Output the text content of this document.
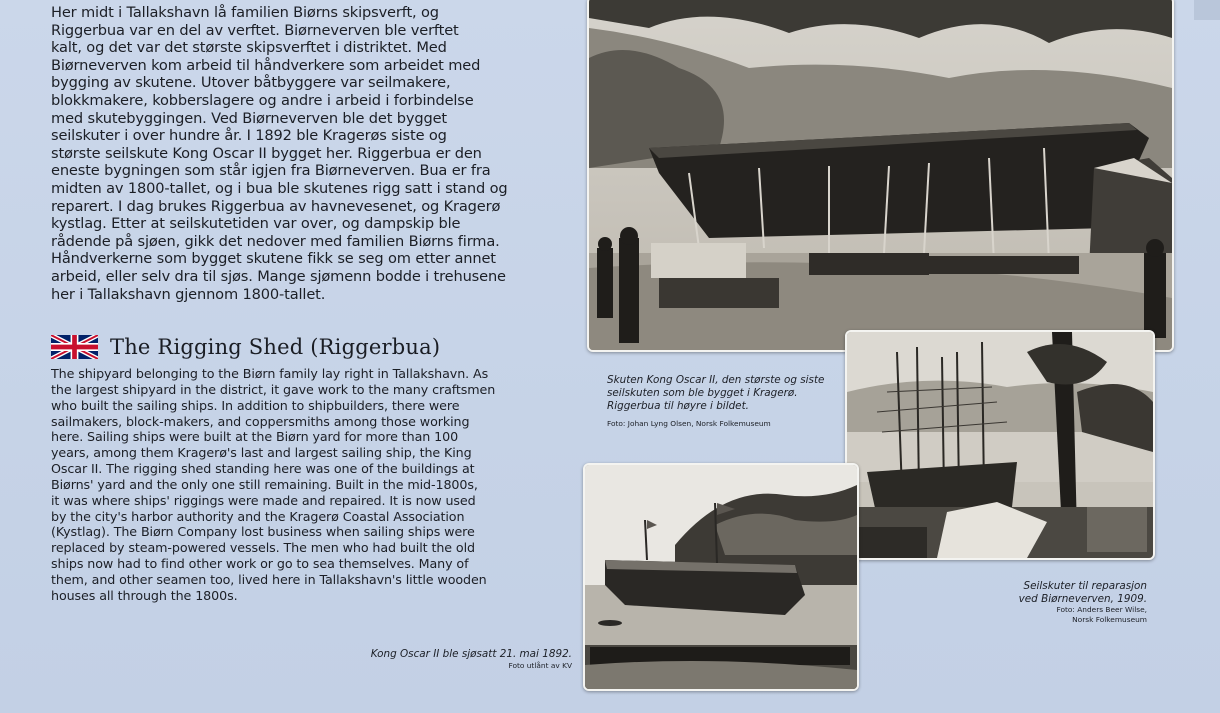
Her midt i Tallakshavn lå familien Biørns skipsverft, og
Riggerbua var en del av verftet. Biørneverven ble verftet
kalt, og det var det største skipsverftet i distriktet. Med
Biørneverven kom arbeid til håndverkere som arbeidet med
bygging av skutene. Utover båtbyggere var seilmakere,
blokkmakere, kobberslagere og andre i arbeid i forbindelse
med skutebyggingen. Ved Biørneverven ble det bygget
seilskuter i over hundre år. I 1892 ble Kragerøs siste og
største seilskute Kong Oscar II bygget her. Riggerbua er den
eneste bygningen som står igjen fra Biørneverven. Bua er fra
midten av 1800-tallet, og i bua ble skutenes rigg satt i stand og
reparert. I dag brukes Riggerbua av havnevesenet, og Kragerø
kystlag. Etter at seilskutetiden var over, og dampskip ble
rådende på sjøen, gikk det nedover med familien Biørns firma.
Håndverkerne som bygget skutene fikk se seg om etter annet
arbeid, eller selv dra til sjøs. Mange sjømenn bodde i trehusene
her i Tallakshavn gjennom 1800-tallet.
The Rigging Shed (Riggerbua)
The shipyard belonging to the Biørn family lay right in Tallakshavn. As
the largest shipyard in the district, it gave work to the many craftsmen
who built the sailing ships. In addition to shipbuilders, there were
sailmakers, block-makers, and coppersmiths among those working
here. Sailing ships were built at the Biørn yard for more than 100
years, among them Kragerø's last and largest sailing ship, the King
Oscar II. The rigging shed standing here was one of the buildings at
Biørns' yard and the only one still remaining. Built in the mid-1800s,
it was where ships' riggings were made and repaired. It is now used
by the city's harbor authority and the Kragerø Coastal Association
(Kystlag). The Biørn Company lost business when sailing ships were
replaced by steam-powered vessels. The men who had built the old
ships now had to find other work or go to sea themselves. Many of
them, and other seamen too, lived here in Tallakshavn's little wooden
houses all through the 1800s.
Skuten Kong Oscar II, den største og siste
seilskuten som ble bygget i Kragerø.
Riggerbua til høyre i bildet.
Foto: Johan Lyng Olsen, Norsk Folkemuseum
Seilskuter til reparasjon
ved Biørneverven, 1909.
Foto: Anders Beer Wilse,
Norsk Folkemuseum
Kong Oscar II ble sjøsatt 21. mai 1892.
Foto utlånt av KV
